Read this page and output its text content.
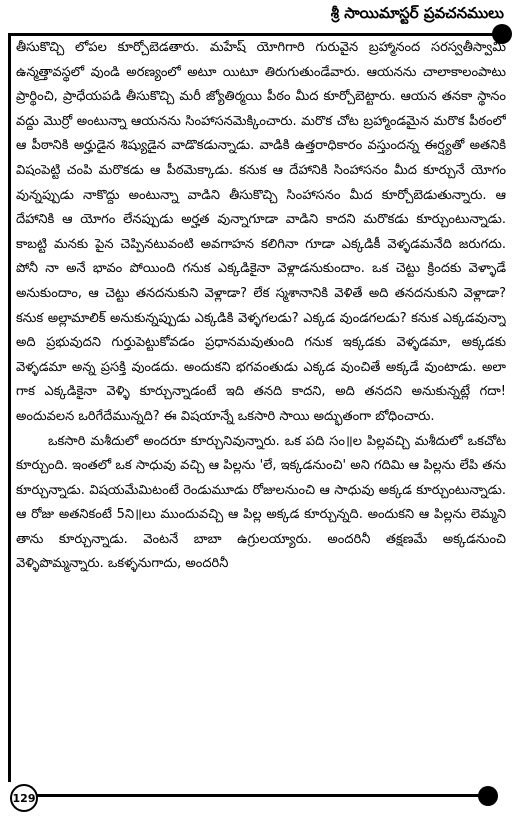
శ్రీ సాయిమాస్టర్ ప్రవచనములు

తీసుకొచ్చి లోపల కూర్చోబెడతారు. మహేష్ యోగిగారి గురువైన బ్రహ్మానంద సరస్వతీస్వామి ఉన్మత్తావస్థలో వుండి అరణ్యంలో అటూ యిటూ తిరుగుతుండేవారు. ఆయనను చాలాకాలంపాటు ప్రార్థించి, ప్రాధేయపడి తీసుకొచ్చి మరీ జ్యోతిర్మయి పీఠం మీద కూర్చోబెట్టారు. ఆయన తనకా స్థానం వద్దు మొర్రో అంటున్నా ఆయనను సింహాసనమెక్కించారు. మరొక చోట బ్రహ్మాండమైన మరొక పీఠంలో ఆ పీఠానికి అర్హుడైన శిష్యుడైన వాడొకడున్నాడు. వాడికి ఉత్తరాధికారం వస్తుందన్న ఈర్ష్యతో అతనికి విషంపెట్టి చంపి మరొకడు ఆ పీఠమెక్కాడు. కనుక ఆ దేహానికి సింహాసనం మీద కూర్చునే యోగం వున్నప్పుడు నాకొద్దు అంటున్నా వాడిని తీసుకొచ్చి సింహాసనం మీద కూర్చోబెడుతున్నారు. ఆ దేహానికి ఆ యోగం లేనప్పుడు అర్హత వున్నాగూడా వాడిని కాదని మరొకడు కూర్చుంటున్నాడు. కాబట్టి మనకు పైన చెప్పినటువంటి అవగాహన కలిగినా గూడా ఎక్కడికీ వెళ్ళడమనేది జరుగదు. పోనీ నా అనే భావం పోయింది గనుక ఎక్కడికైనా వెళ్లాడనుకుందాం. ఒక చెట్టు క్రిందకు వెళ్ళాడే అనుకుందాం, ఆ చెట్టు తనదనుకుని వెళ్లాడా? లేక స్మశానానికి వెళితే అది తనదనుకుని వెళ్లాడా? కనుక అల్లామాలిక్ అనుకున్నప్పుడు ఎక్కడికి వెళ్ళగలడు? ఎక్కడ వుండగలడు? కనుక ఎక్కడవున్నా అది ప్రభువుదని గుర్తుపెట్టుకోవడం ప్రధానమవుతుంది గనుక ఇక్కడకు వెళ్ళడమా, అక్కడకు వెళ్ళడమా అన్న ప్రసక్తి వుండదు. అందుకని భగవంతుడు ఎక్కడ వుంచితే అక్కడే వుంటాడు. అలా గాక ఎక్కడికైనా వెళ్ళి కూర్చున్నాడంటే ఇది తనది కాదని, అది తనదని అనుకున్నట్లే గదా! అందువలన ఒరిగేదేమున్నది? ఈ విషయాన్నే ఒకసారి సాయి అద్భుతంగా బోధించారు.

ఒకసారి మశీదులో అందరూ కూర్చునివున్నారు. ఒక పది సం॥ల పిల్లవచ్చి మశీదులో ఒకచోట కూర్చుంది. ఇంతలో ఒక సాధువు వచ్చి ఆ పిల్లను 'లే, ఇక్కడనుంచి' అని గదిమి ఆ పిల్లను లేపి తను కూర్చున్నాడు. విషయమేమిటంటే రెండుమూడు రోజులనుంచి ఆ సాధువు అక్కడ కూర్చుంటున్నాడు. ఆ రోజు అతనికంటే 5ని॥లు ముందువచ్చి ఆ పిల్ల అక్కడ కూర్చున్నది. అందుకని ఆ పిల్లను లెమ్మని తాను కూర్చున్నాడు. వెంటనే బాబా ఉగ్రులయ్యారు. అందరినీ తక్షణమే అక్కడనుంచి వెళ్ళిపొమ్మన్నారు. ఒకళ్ళనుగాదు, అందరినీ

129
